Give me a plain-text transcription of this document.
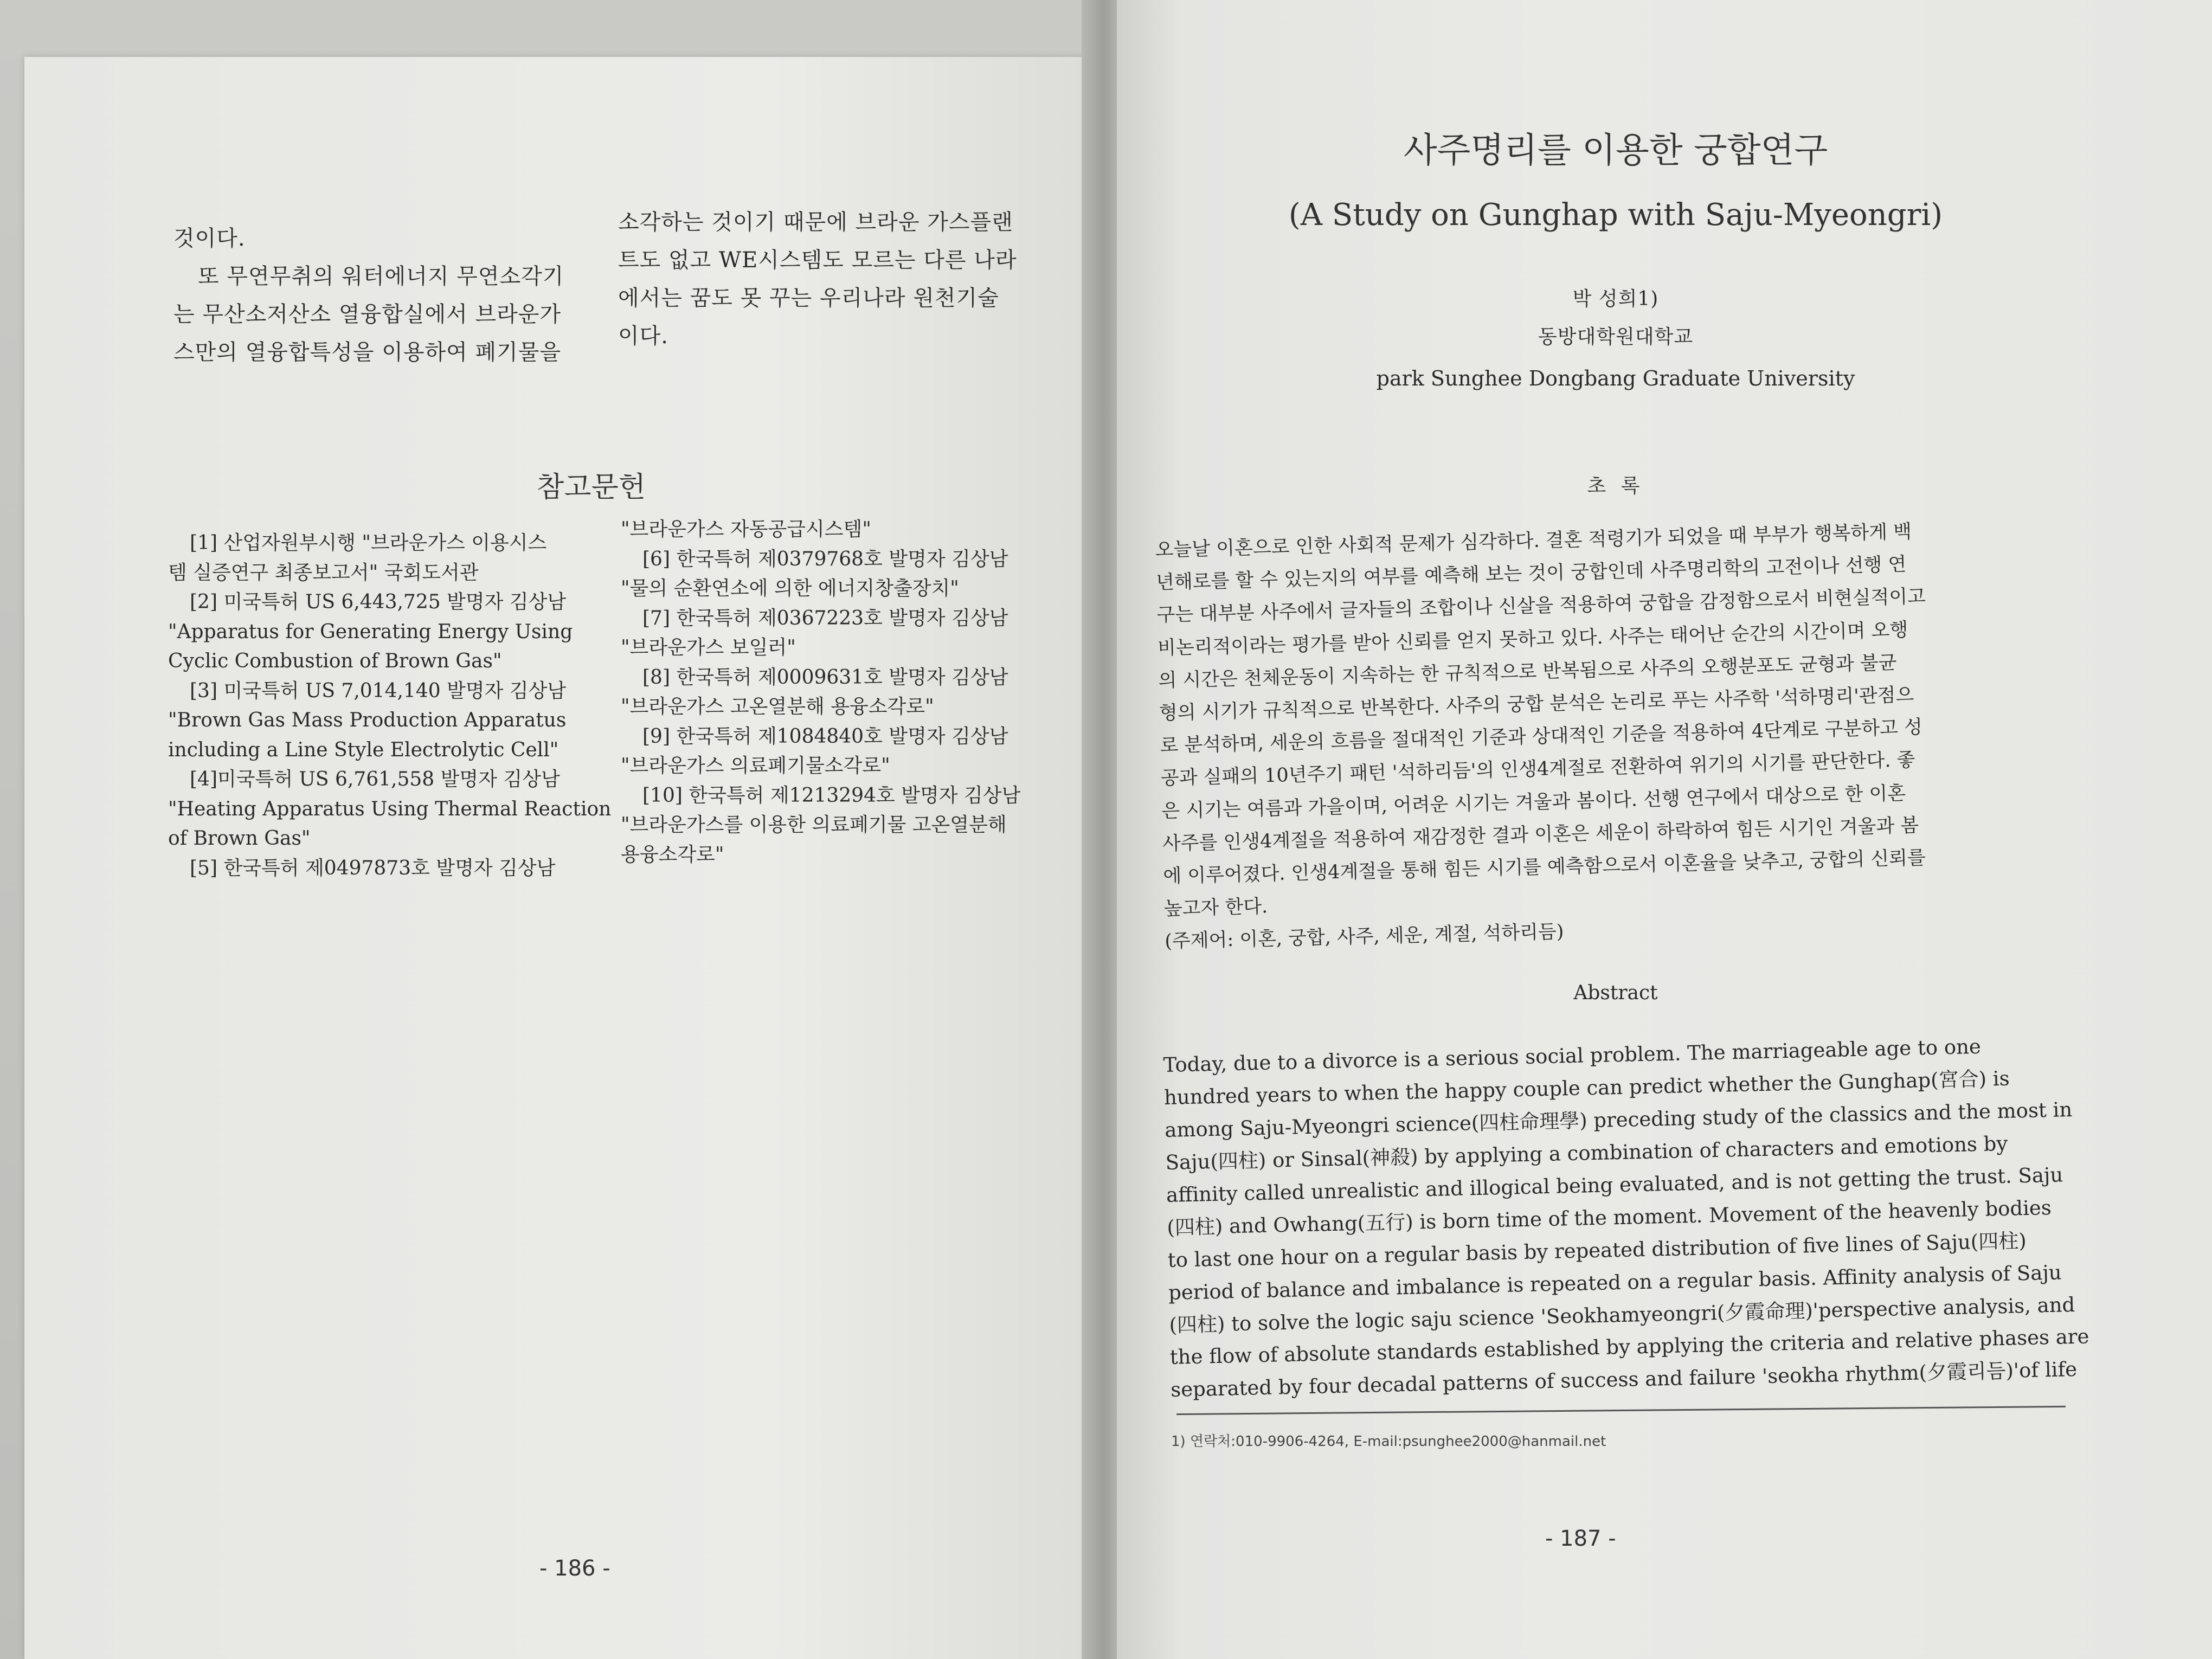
것이다.
또 무연무취의 워터에너지 무연소각기
는 무산소저산소 열융합실에서 브라운가
스만의 열융합특성을 이용하여 폐기물을
소각하는 것이기 때문에 브라운 가스플랜
트도 없고 WE시스템도 모르는 다른 나라
에서는 꿈도 못 꾸는 우리나라 원천기술
이다.
참고문헌
[1] 산업자원부시행 "브라운가스 이용시스
템 실증연구 최종보고서" 국회도서관
[2] 미국특허 US 6,443,725 발명자 김상남
"Apparatus for Generating Energy Using
Cyclic Combustion of Brown Gas"
[3] 미국특허 US 7,014,140 발명자 김상남
"Brown Gas Mass Production Apparatus
including a Line Style Electrolytic Cell"
[4]미국특허 US 6,761,558 발명자 김상남
"Heating Apparatus Using Thermal Reaction
of Brown Gas"
[5] 한국특허 제0497873호 발명자 김상남
"브라운가스 자동공급시스템"
[6] 한국특허 제0379768호 발명자 김상남
"물의 순환연소에 의한 에너지창출장치"
[7] 한국특허 제0367223호 발명자 김상남
"브라운가스 보일러"
[8] 한국특허 제0009631호 발명자 김상남
"브라운가스 고온열분해 용융소각로"
[9] 한국특허 제1084840호 발명자 김상남
"브라운가스 의료폐기물소각로"
[10] 한국특허 제1213294호 발명자 김상남
"브라운가스를 이용한 의료폐기물 고온열분해
용융소각로"
- 186 -
사주명리를 이용한 궁합연구
(A Study on Gunghap with Saju-Myeongri)
박 성희1)
동방대학원대학교
park Sunghee Dongbang Graduate University
초 록
오늘날 이혼으로 인한 사회적 문제가 심각하다. 결혼 적령기가 되었을 때 부부가 행복하게 백
년해로를 할 수 있는지의 여부를 예측해 보는 것이 궁합인데 사주명리학의 고전이나 선행 연
구는 대부분 사주에서 글자들의 조합이나 신살을 적용하여 궁합을 감정함으로서 비현실적이고
비논리적이라는 평가를 받아 신뢰를 얻지 못하고 있다. 사주는 태어난 순간의 시간이며 오행
의 시간은 천체운동이 지속하는 한 규칙적으로 반복됨으로 사주의 오행분포도 균형과 불균
형의 시기가 규칙적으로 반복한다. 사주의 궁합 분석은 논리로 푸는 사주학 '석하명리'관점으
로 분석하며, 세운의 흐름을 절대적인 기준과 상대적인 기준을 적용하여 4단계로 구분하고 성
공과 실패의 10년주기 패턴 '석하리듬'의 인생4계절로 전환하여 위기의 시기를 판단한다. 좋
은 시기는 여름과 가을이며, 어려운 시기는 겨울과 봄이다. 선행 연구에서 대상으로 한 이혼
사주를 인생4계절을 적용하여 재감정한 결과 이혼은 세운이 하락하여 힘든 시기인 겨울과 봄
에 이루어졌다. 인생4계절을 통해 힘든 시기를 예측함으로서 이혼율을 낮추고, 궁합의 신뢰를
높고자 한다.
(주제어: 이혼, 궁합, 사주, 세운, 계절, 석하리듬)
Abstract
Today, due to a divorce is a serious social problem. The marriageable age to one
hundred years to when the happy couple can predict whether the Gunghap(宮合) is
among Saju-Myeongri science(四柱命理學) preceding study of the classics and the most in
Saju(四柱) or Sinsal(神殺) by applying a combination of characters and emotions by
affinity called unrealistic and illogical being evaluated, and is not getting the trust. Saju
(四柱) and Owhang(五行) is born time of the moment. Movement of the heavenly bodies
to last one hour on a regular basis by repeated distribution of five lines of Saju(四柱)
period of balance and imbalance is repeated on a regular basis. Affinity analysis of Saju
(四柱) to solve the logic saju science 'Seokhamyeongri(夕霞命理)'perspective analysis, and
the flow of absolute standards established by applying the criteria and relative phases are
separated by four decadal patterns of success and failure 'seokha rhythm(夕霞리듬)'of life
1) 연락처:010-9906-4264, E-mail:psunghee2000@hanmail.net
- 187 -
